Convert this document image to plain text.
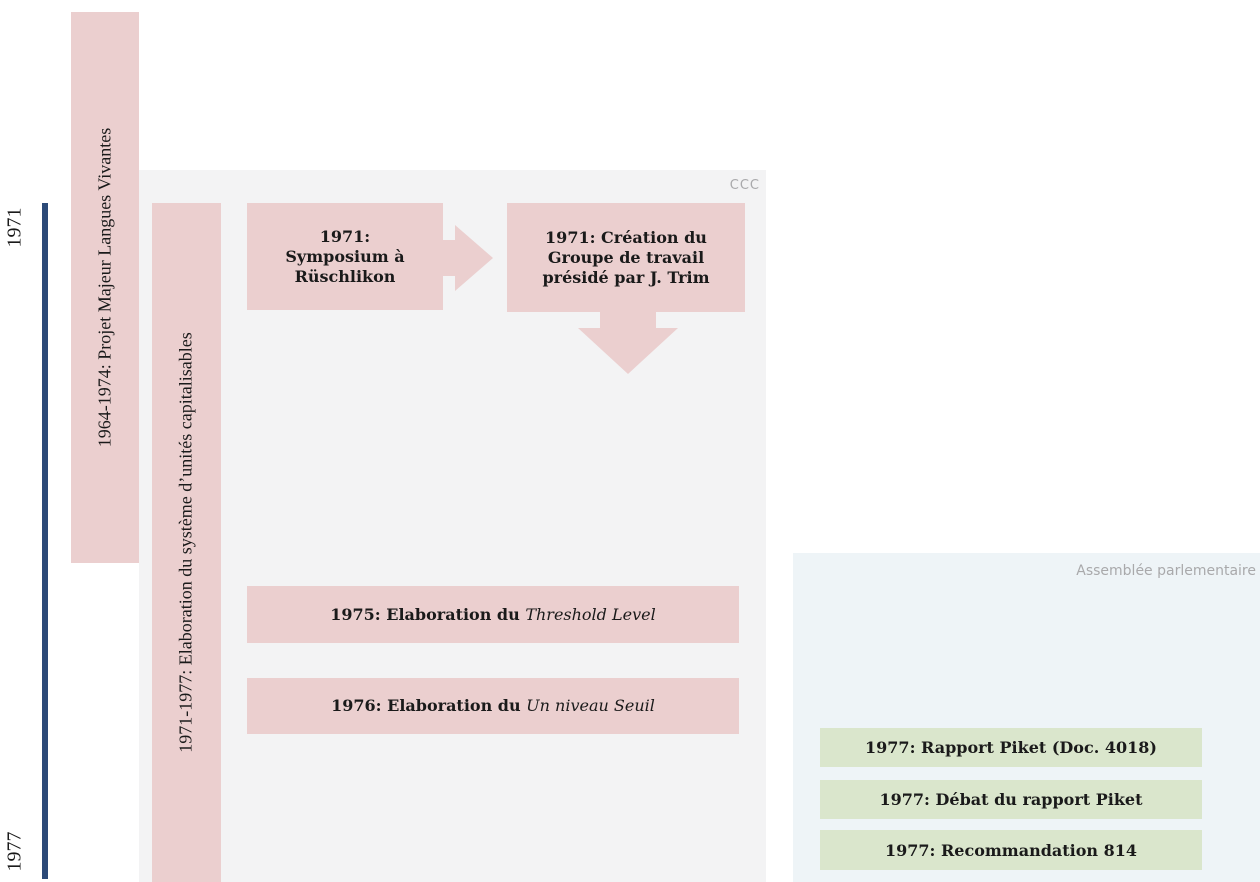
1971
1977
CCC
1964-1974: Projet Majeur Langues Vivantes
1971-1977: Elaboration du système d’unités capitalisables
1971:
Symposium à
Rüschlikon
1971: Création du
Groupe de travail
présidé par J. Trim
1975: Elaboration du Threshold Level
1976: Elaboration du Un niveau Seuil
Assemblée parlementaire
1977: Rapport Piket (Doc. 4018)
1977: Débat du rapport Piket
1977: Recommandation 814
